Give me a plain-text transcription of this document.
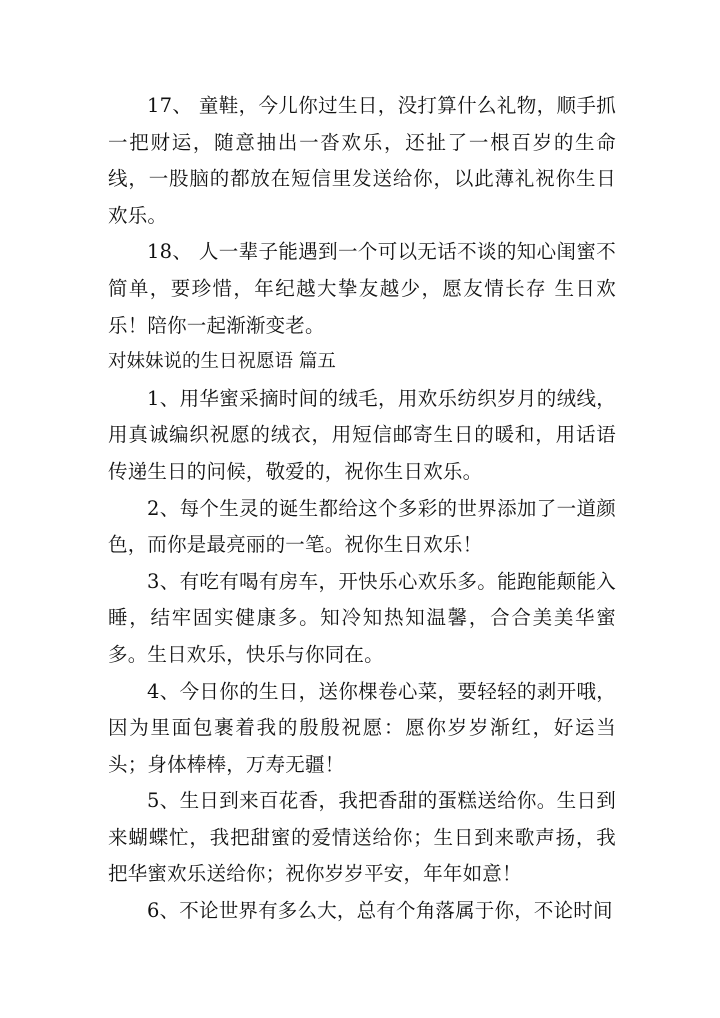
17、 童鞋，今儿你过生日，没打算什么礼物，顺手抓一把财运，随意抽出一沓欢乐，还扯了一根百岁的生命线，一股脑的都放在短信里发送给你，以此薄礼祝你生日欢乐。

18、 人一辈子能遇到一个可以无话不谈的知心闺蜜不简单，要珍惜，年纪越大挚友越少，愿友情长存 生日欢乐！陪你一起渐渐变老。

对妹妹说的生日祝愿语 篇五

1、用华蜜采摘时间的绒毛，用欢乐纺织岁月的绒线，用真诚编织祝愿的绒衣，用短信邮寄生日的暖和，用话语传递生日的问候，敬爱的，祝你生日欢乐。

2、每个生灵的诞生都给这个多彩的世界添加了一道颜色，而你是最亮丽的一笔。祝你生日欢乐！

3、有吃有喝有房车，开快乐心欢乐多。能跑能颠能入睡，结牢固实健康多。知冷知热知温馨，合合美美华蜜多。生日欢乐，快乐与你同在。

4、今日你的生日，送你棵卷心菜，要轻轻的剥开哦，因为里面包裹着我的殷殷祝愿：愿你岁岁渐红，好运当头；身体棒棒，万寿无疆！

5、生日到来百花香，我把香甜的蛋糕送给你。生日到来蝴蝶忙，我把甜蜜的爱情送给你；生日到来歌声扬，我把华蜜欢乐送给你；祝你岁岁平安，年年如意！

6、不论世界有多么大，总有个角落属于你，不论时间
